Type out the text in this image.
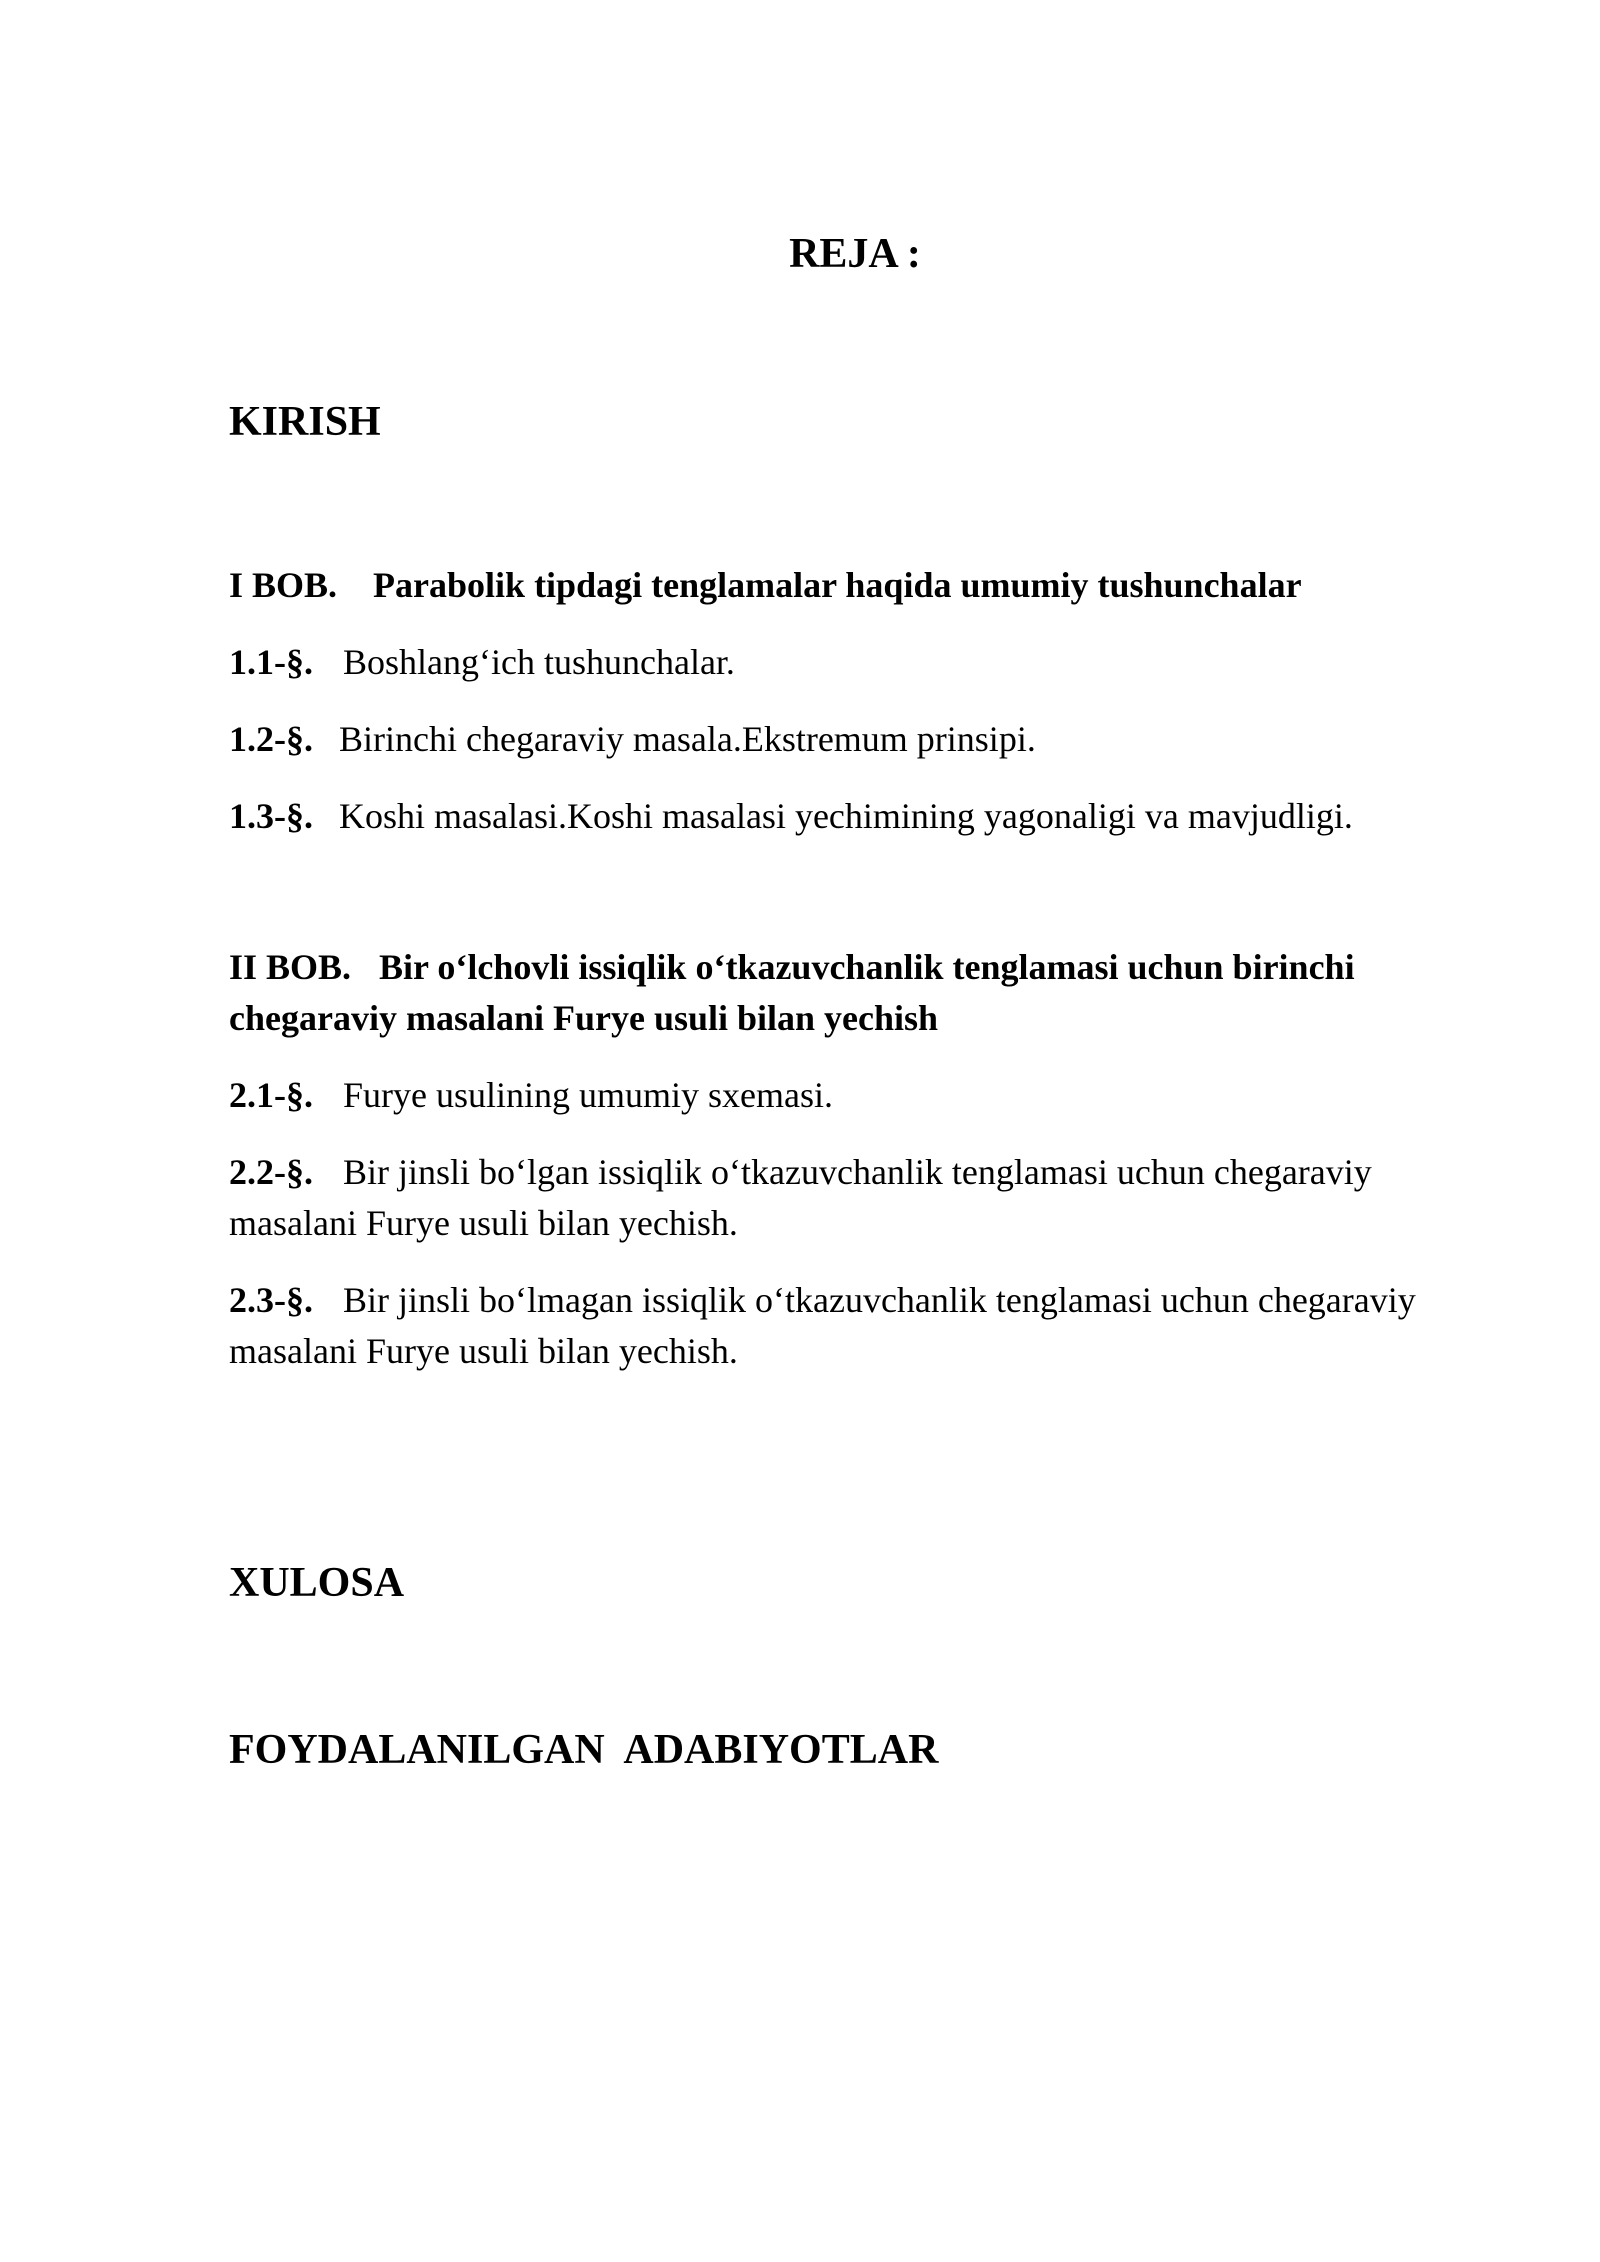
REJA :
KIRISH
I BOB. Parabolik tipdagi tenglamalar haqida umumiy tushunchalar
1.1-§. Boshlang‘ich tushunchalar.
1.2-§. Birinchi chegaraviy masala.Ekstremum prinsipi.
1.3-§. Koshi masalasi.Koshi masalasi yechimining yagonaligi va mavjudligi.
II BOB. Bir o‘lchovli issiqlik o‘tkazuvchanlik tenglamasi uchun birinchi chegaraviy masalani Furye usuli bilan yechish
2.1-§. Furye usulining umumiy sxemasi.
2.2-§. Bir jinsli bo‘lgan issiqlik o‘tkazuvchanlik tenglamasi uchun chegaraviy masalani Furye usuli bilan yechish.
2.3-§. Bir jinsli bo‘lmagan issiqlik o‘tkazuvchanlik tenglamasi uchun chegaraviy masalani Furye usuli bilan yechish.
XULOSA
FOYDALANILGAN  ADABIYOTLAR
